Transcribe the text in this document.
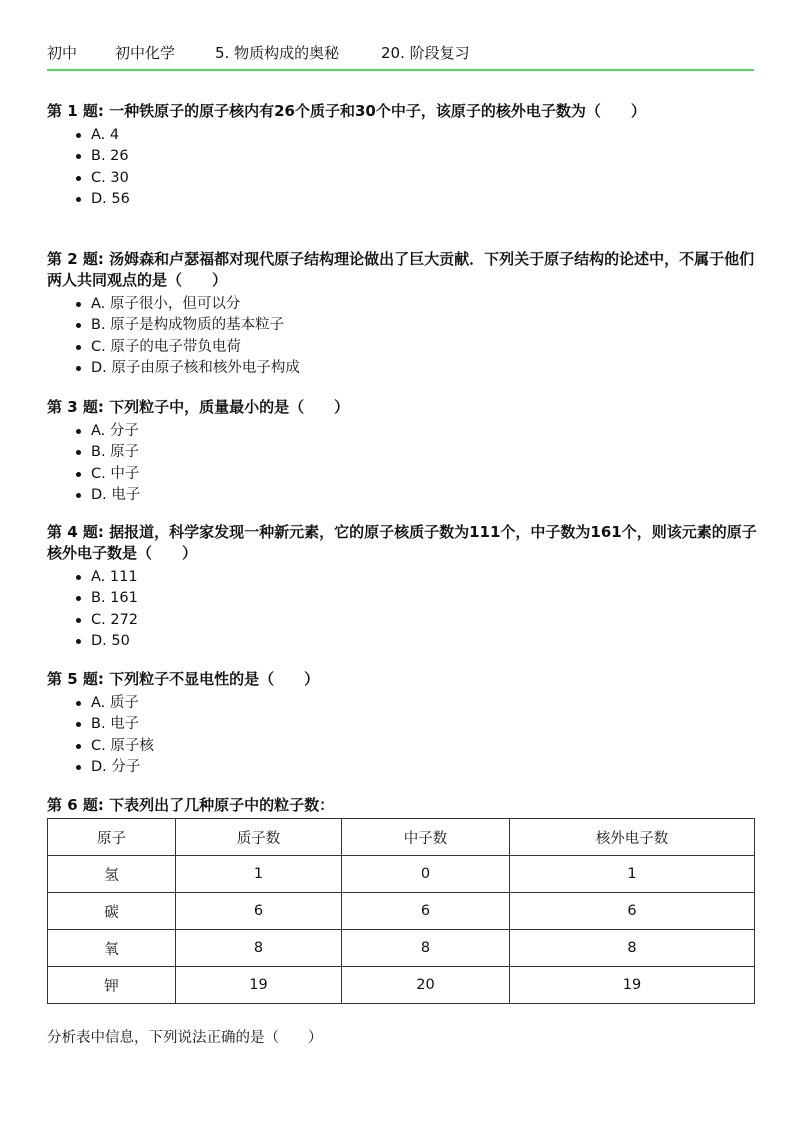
初中	初中化学	5. 物质构成的奥秘	20. 阶段复习

第 1 题: 一种铁原子的原子核内有26个质子和30个中子，该原子的核外电子数为（　　）

A. 4
B. 26
C. 30
D. 56

第 2 题: 汤姆森和卢瑟福都对现代原子结构理论做出了巨大贡献．下列关于原子结构的论述中，不属于他们两人共同观点的是（　　）

A. 原子很小，但可以分
B. 原子是构成物质的基本粒子
C. 原子的电子带负电荷
D. 原子由原子核和核外电子构成

第 3 题: 下列粒子中，质量最小的是（　　）

A. 分子
B. 原子
C. 中子
D. 电子

第 4 题: 据报道，科学家发现一种新元素，它的原子核质子数为111个，中子数为161个，则该元素的原子核外电子数是（　　）

A. 111
B. 161
C. 272
D. 50

第 5 题: 下列粒子不显电性的是（　　）

A. 质子
B. 电子
C. 原子核
D. 分子

第 6 题: 下表列出了几种原子中的粒子数：

原子	质子数	中子数	核外电子数
氢	1	0	1
碳	6	6	6
氧	8	8	8
钾	19	20	19
分析表中信息，下列说法正确的是（　　）
